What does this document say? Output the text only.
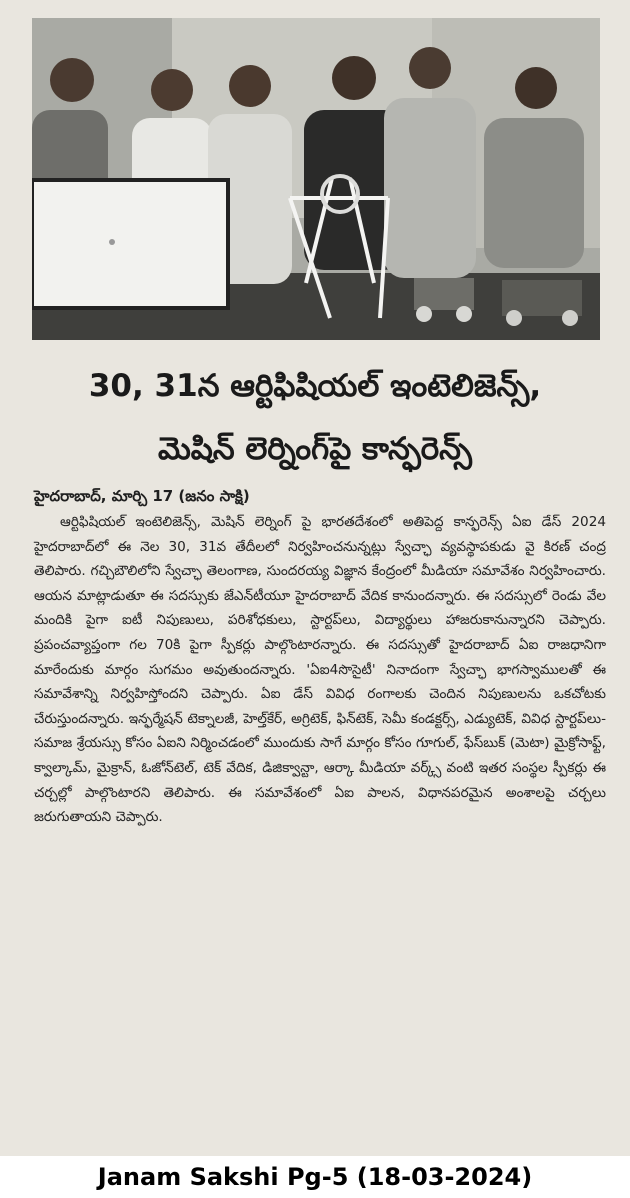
30, 31న ఆర్టిఫిషియల్ ఇంటెలిజెన్స్,
మెషిన్ లెర్నింగ్‌పై కాన్ఫరెన్స్
హైదరాబాద్, మార్చి 17 (జనం సాక్షి)
ఆర్టిఫిషియల్ ఇంటెలిజెన్స్, మెషిన్ లెర్నింగ్ పై భారతదేశంలో అతిపెద్ద కాన్ఫరెన్స్ ఏఐ డేస్ 2024 హైదరాబాద్‌లో ఈ నెల 30, 31వ తేదీలలో నిర్వహించనున్నట్లు స్వేచ్ఛా వ్యవస్థాపకుడు వై కిరణ్ చంద్ర తెలిపారు. గచ్చిబౌలిలోని స్వేచ్ఛా తెలంగాణ, సుందరయ్య విజ్ఞాన కేంద్రంలో మీడియా సమావేశం నిర్వహించారు. ఆయన మాట్లాడుతూ ఈ సదస్సుకు జేఎన్‌టీయూ హైదరాబాద్ వేదిక కానుందన్నారు. ఈ సదస్సులో రెండు వేల మందికి పైగా ఐటీ నిపుణులు, పరిశోధకులు, స్టార్టప్‌లు, విద్యార్థులు హాజరుకానున్నారని చెప్పారు. ప్రపంచవ్యాప్తంగా గల 70కి పైగా స్పీకర్లు పాల్గొంటారన్నారు. ఈ సదస్సుతో హైదరాబాద్ ఏఐ రాజధానిగా మారేందుకు మార్గం సుగమం అవుతుందన్నారు. 'ఏఐ4సొసైటీ' నినాదంగా స్వేచ్ఛా భాగస్వాములతో ఈ సమావేశాన్ని నిర్వహిస్తోందని చెప్పారు. ఏఐ డేస్ వివిధ రంగాలకు చెందిన నిపుణులను ఒకచోటకు చేరుస్తుందన్నారు. ఇన్ఫర్మేషన్ టెక్నాలజీ, హెల్త్‌కేర్, అగ్రిటెక్, ఫిన్‌టెక్, సెమీ కండక్టర్స్, ఎడ్యుటెక్, వివిధ స్టార్టప్‌లు-సమాజ శ్రేయస్సు కోసం ఏఐని నిర్మించడంలో ముందుకు సాగే మార్గం కోసం గూగుల్, ఫేస్‌బుక్ (మెటా) మైక్రోసాఫ్ట్, క్వాల్కామ్, మైక్రాన్, ఓజోన్‌టెల్, టెక్ వేదిక, డిజిక్వాన్టా, ఆర్కా మీడియా వర్క్స్ వంటి ఇతర సంస్థల స్పీకర్లు ఈ చర్చల్లో పాల్గొంటారని తెలిపారు. ఈ సమావేశంలో ఏఐ పాలన, విధానపరమైన అంశాలపై చర్చలు జరుగుతాయని చెప్పారు.
Janam Sakshi Pg-5 (18-03-2024)
